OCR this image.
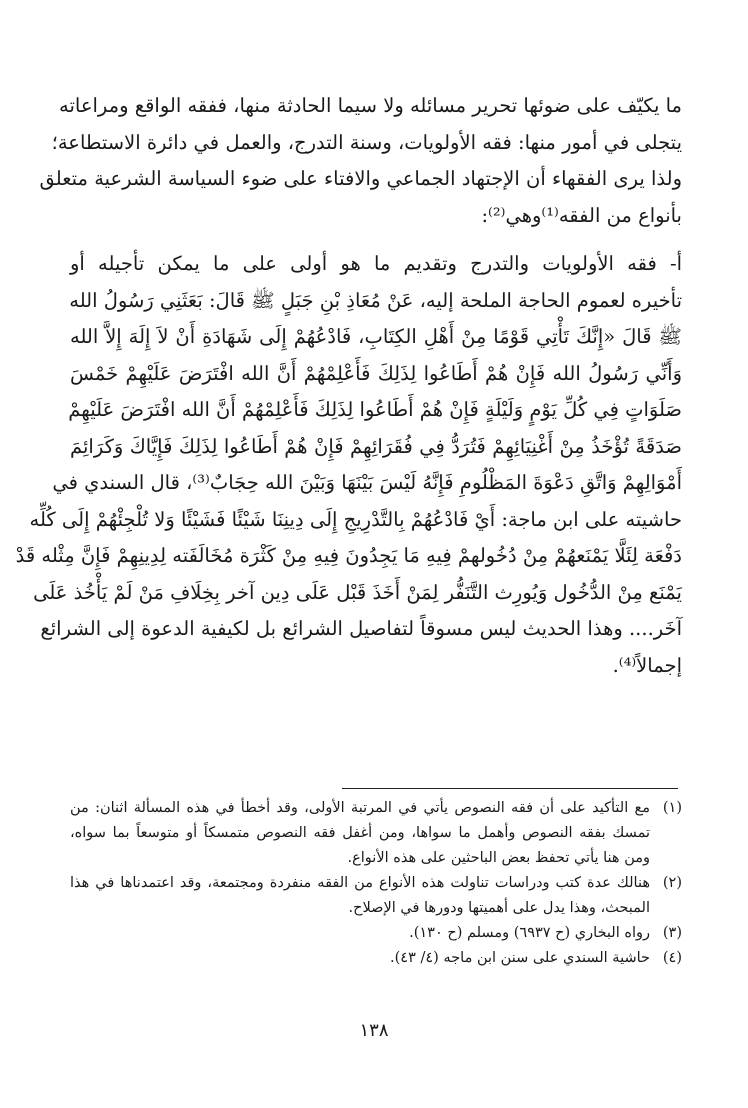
ما يكيّف على ضوئها تحرير مسائله ولا سيما الحادثة منها، ففقه الواقع ومراعاته
يتجلى في أمور منها: فقه الأولويات، وسنة التدرج، والعمل في دائرة الاستطاعة؛
ولذا يرى الفقهاء أن الإجتهاد الجماعي والافتاء على ضوء السياسة الشرعية متعلق
بأنواع من الفقه⁽¹⁾وهي⁽²⁾:
أ- فقه الأولويات والتدرج وتقديم ما هو أولى على ما يمكن تأجيله أو
تأخيره لعموم الحاجة الملحة إليه، عَنْ مُعَاذِ بْنِ جَبَلٍ ﷺ قَالَ: بَعَثَنِي رَسُولُ الله
ﷺ قَالَ «إِنَّكَ تَأْتِي قَوْمًا مِنْ أَهْلِ الكِتَابِ، فَادْعُهُمْ إِلَى شَهَادَةِ أَنْ لاَ إِلَهَ إِلاَّ الله
وَأَنِّي رَسُولُ الله فَإِنْ هُمْ أَطَاعُوا لِذَلِكَ فَأَعْلِمْهُمْ أَنَّ الله افْتَرَضَ عَلَيْهِمْ خَمْسَ
صَلَوَاتٍ فِي كُلِّ يَوْمٍ وَلَيْلَةٍ فَإِنْ هُمْ أَطَاعُوا لِذَلِكَ فَأَعْلِمْهُمْ أَنَّ الله افْتَرَضَ عَلَيْهِمْ
صَدَقَةً تُؤْخَذُ مِنْ أَغْنِيَائِهِمْ فَتُرَدُّ فِي فُقَرَائِهِمْ فَإِنْ هُمْ أَطَاعُوا لِذَلِكَ فَإِيَّاكَ وَكَرَائِمَ
أَمْوَالِهِمْ وَاتَّقِ دَعْوَةَ المَظْلُومِ فَإِنَّهُ لَيْسَ بَيْنَهَا وَبَيْنَ الله حِجَابٌ⁽³⁾، قال السندي في
حاشيته على ابن ماجة: أَيْ فَادْعُهُمْ بِالتَّدْرِيجِ إِلَى دِينِنَا شَيْئًا فَشَيْئًا وَلا تُلْجِئْهُمْ إِلَى كُلِّه
دَفْعَة لِئَلَّا يَمْنَعهُمْ مِنْ دُخُولهمْ فِيهِ مَا يَجِدُونَ فِيهِ مِنْ كَثْرَة مُخَالَفَته لِدِينِهِمْ فَإِنَّ مِثْله قَدْ
يَمْنَع مِنْ الدُّخُول وَيُورِث التَّنَفُّر لِمَنْ أَخَذَ قَبْل عَلَى دِين آخر بِخِلَافِ مَنْ لَمْ يَأْخُذ عَلَى
آخَر.... وهذا الحديث ليس مسوقاً لتفاصيل الشرائع بل لكيفية الدعوة إلى الشرائع
إجمالاً⁽⁴⁾.
(١)
مع التأكيد على أن فقه النصوص يأتي في المرتبة الأولى، وقد أخطأ في هذه المسألة اثنان: من تمسك بفقه النصوص وأهمل ما سواها، ومن أغفل فقه النصوص متمسكاً أو متوسعاً بما سواه، ومن هنا يأتي تحفظ بعض الباحثين على هذه الأنواع.
(٢)
هنالك عدة كتب ودراسات تناولت هذه الأنواع من الفقه منفردة ومجتمعة، وقد اعتمدناها في هذا المبحث، وهذا يدل على أهميتها ودورها في الإصلاح.
(٣)
رواه البخاري (ح ٦٩٣٧) ومسلم (ح ١٣٠).
(٤)
حاشية السندي على سنن ابن ماجه (٤/ ٤٣).
١٣٨
